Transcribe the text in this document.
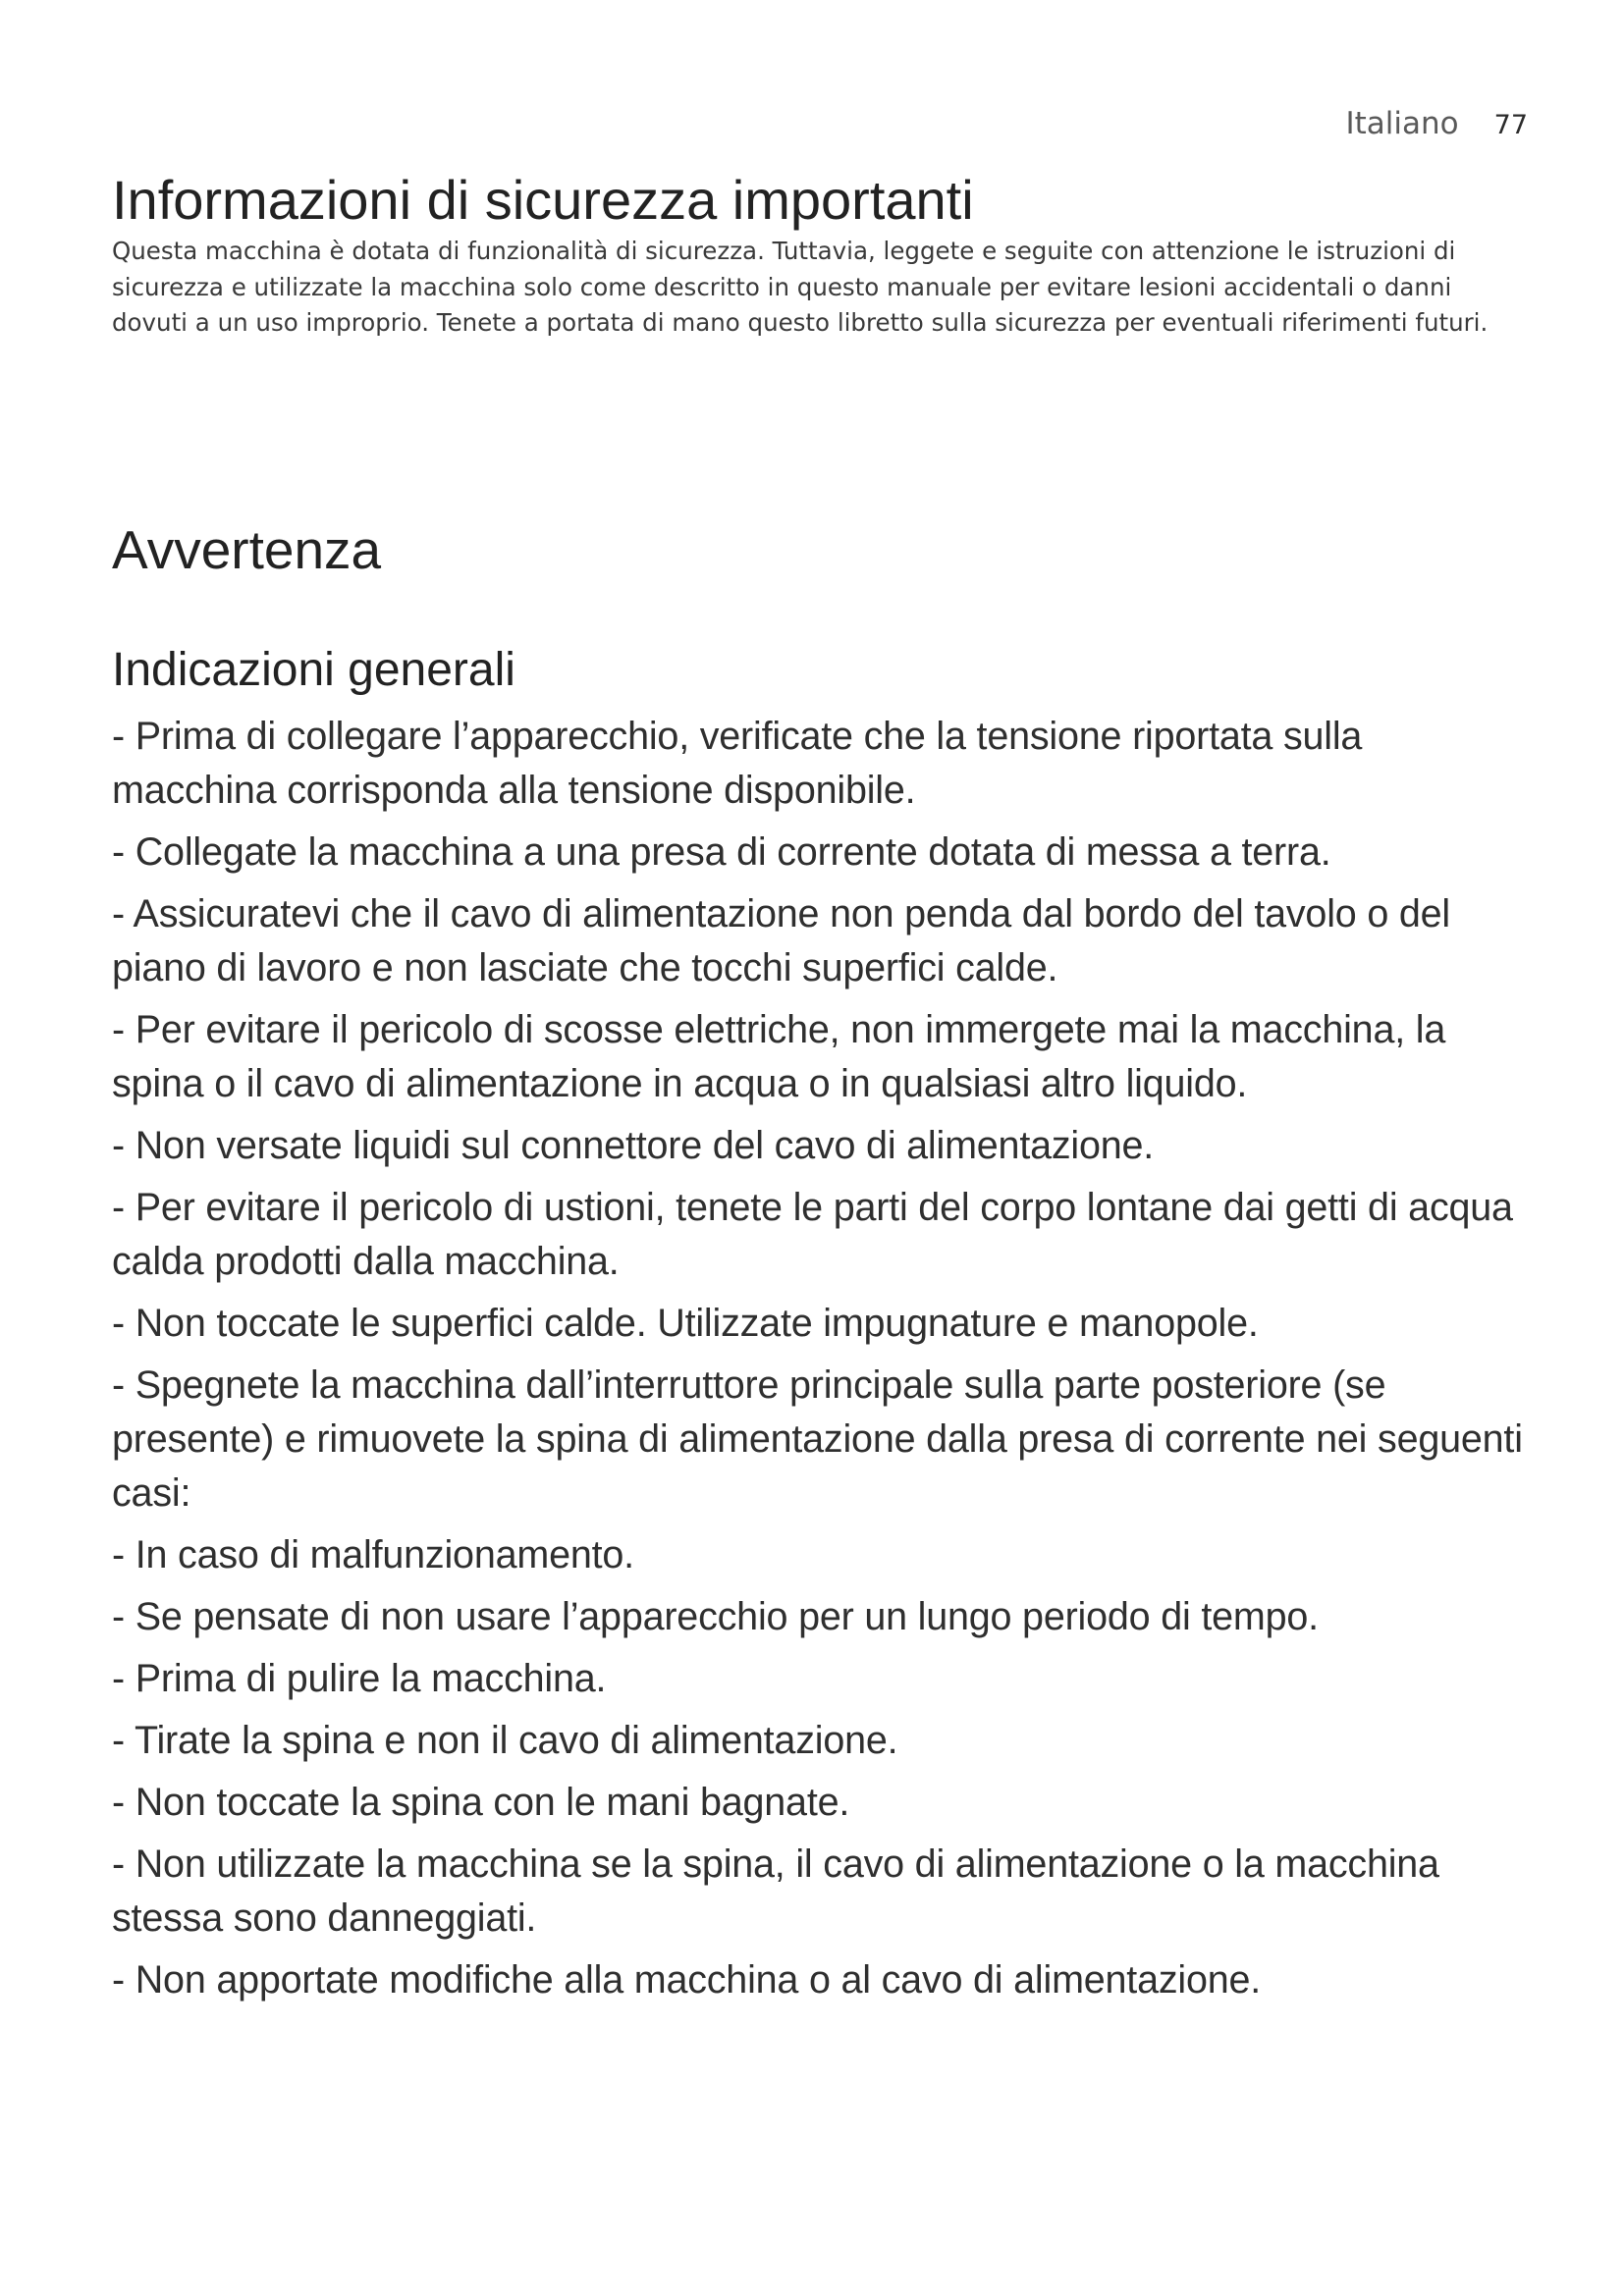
Italiano 77
Informazioni di sicurezza importanti

Questa macchina è dotata di funzionalità di sicurezza. Tuttavia, leggete e seguite con attenzione le istruzioni di sicurezza e utilizzate la macchina solo come descritto in questo manuale per evitare lesioni accidentali o danni dovuti a un uso improprio. Tenete a portata di mano questo libretto sulla sicurezza per eventuali riferimenti futuri.

Avvertenza
Indicazioni generali
- Prima di collegare l’apparecchio, verificate che la tensione riportata sulla macchina corrisponda alla tensione disponibile.
- Collegate la macchina a una presa di corrente dotata di messa a terra.
- Assicuratevi che il cavo di alimentazione non penda dal bordo del tavolo o del piano di lavoro e non lasciate che tocchi superfici calde.
- Per evitare il pericolo di scosse elettriche, non immergete mai la macchina, la spina o il cavo di alimentazione in acqua o in qualsiasi altro liquido.
- Non versate liquidi sul connettore del cavo di alimentazione.
- Per evitare il pericolo di ustioni, tenete le parti del corpo lontane dai getti di acqua calda prodotti dalla macchina.
- Non toccate le superfici calde. Utilizzate impugnature e manopole.
- Spegnete la macchina dall’interruttore principale sulla parte posteriore (se presente) e rimuovete la spina di alimentazione dalla presa di corrente nei seguenti casi:
- In caso di malfunzionamento.
- Se pensate di non usare l’apparecchio per un lungo periodo di tempo.
- Prima di pulire la macchina.
- Tirate la spina e non il cavo di alimentazione.
- Non toccate la spina con le mani bagnate.
- Non utilizzate la macchina se la spina, il cavo di alimentazione o la macchina stessa sono danneggiati.
- Non apportate modifiche alla macchina o al cavo di alimentazione.
